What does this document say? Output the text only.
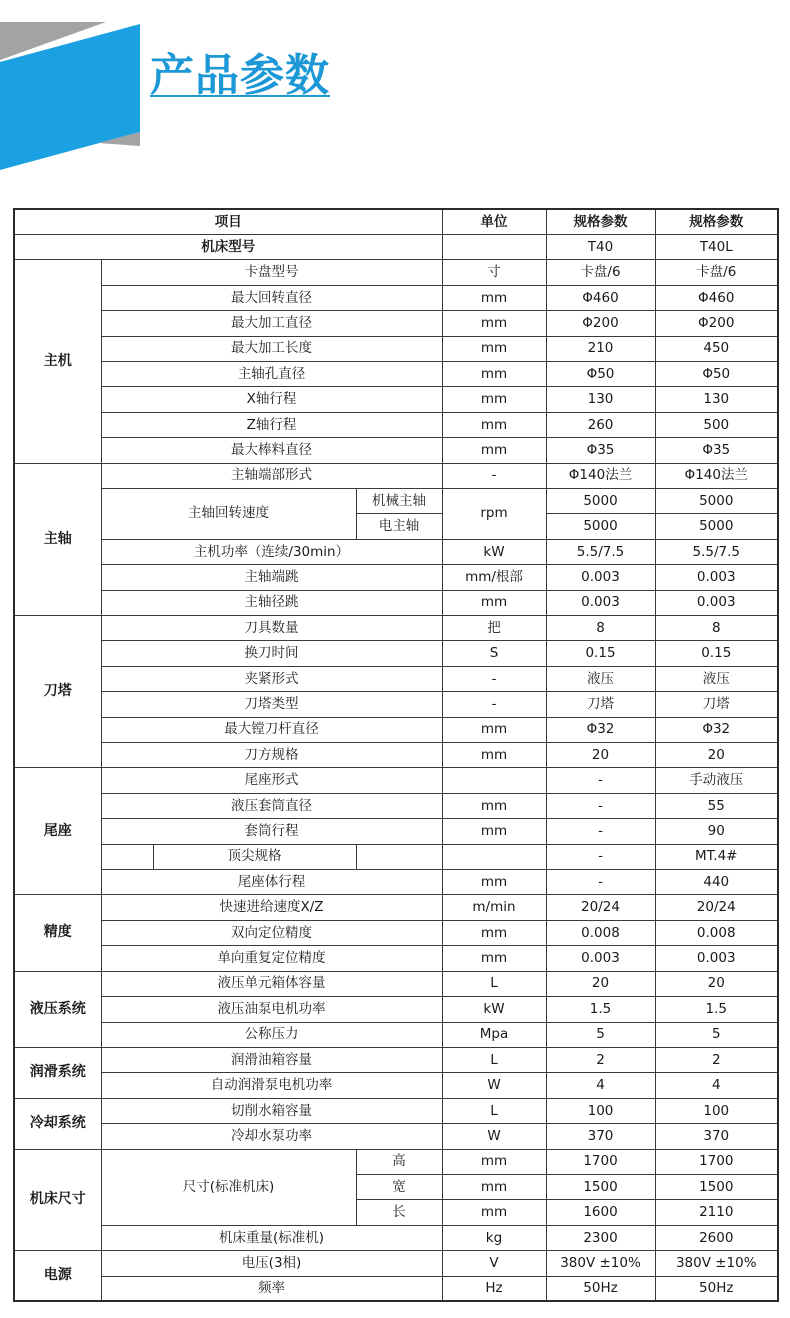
产品参数
项目				单位	规格参数	规格参数
机床型号					T40	T40L
主机	卡盘型号			寸	卡盘/6	卡盘/6
	最大回转直径			mm	Φ460	Φ460
	最大加工直径			mm	Φ200	Φ200
	最大加工长度			mm	210	450
	主轴孔直径			mm	Φ50	Φ50
	X轴行程			mm	130	130
	Z轴行程			mm	260	500
	最大棒料直径			mm	Φ35	Φ35
主轴	主轴端部形式			-	Φ140法兰	Φ140法兰
	主轴回转速度		机械主轴	rpm	5000	5000
			电主轴		5000	5000
	主机功率（连续/30min）			kW	5.5/7.5	5.5/7.5
	主轴端跳			mm/根部	0.003	0.003
	主轴径跳			mm	0.003	0.003
刀塔	刀具数量			把	8	8
	换刀时间			S	0.15	0.15
	夹紧形式			-	液压	液压
	刀塔类型			-	刀塔	刀塔
	最大镗刀杆直径			mm	Φ32	Φ32
	刀方规格			mm	20	20
尾座	尾座形式				-	手动液压
	液压套筒直径			mm	-	55
	套筒行程			mm	-	90
		顶尖规格			-	MT.4#
	尾座体行程			mm	-	440
精度	快速进给速度X/Z			m/min	20/24	20/24
	双向定位精度			mm	0.008	0.008
	单向重复定位精度			mm	0.003	0.003
液压系统	液压单元箱体容量			L	20	20
	液压油泵电机功率			kW	1.5	1.5
	公称压力			Mpa	5	5
润滑系统	润滑油箱容量			L	2	2
	自动润滑泵电机功率			W	4	4
冷却系统	切削水箱容量			L	100	100
	冷却水泵功率			W	370	370
机床尺寸	尺寸(标准机床)		高	mm	1700	1700
			宽	mm	1500	1500
			长	mm	1600	2110
	机床重量(标准机)			kg	2300	2600
电源	电压(3相)			V	380V ±10%	380V ±10%
	频率			Hz	50Hz	50Hz
